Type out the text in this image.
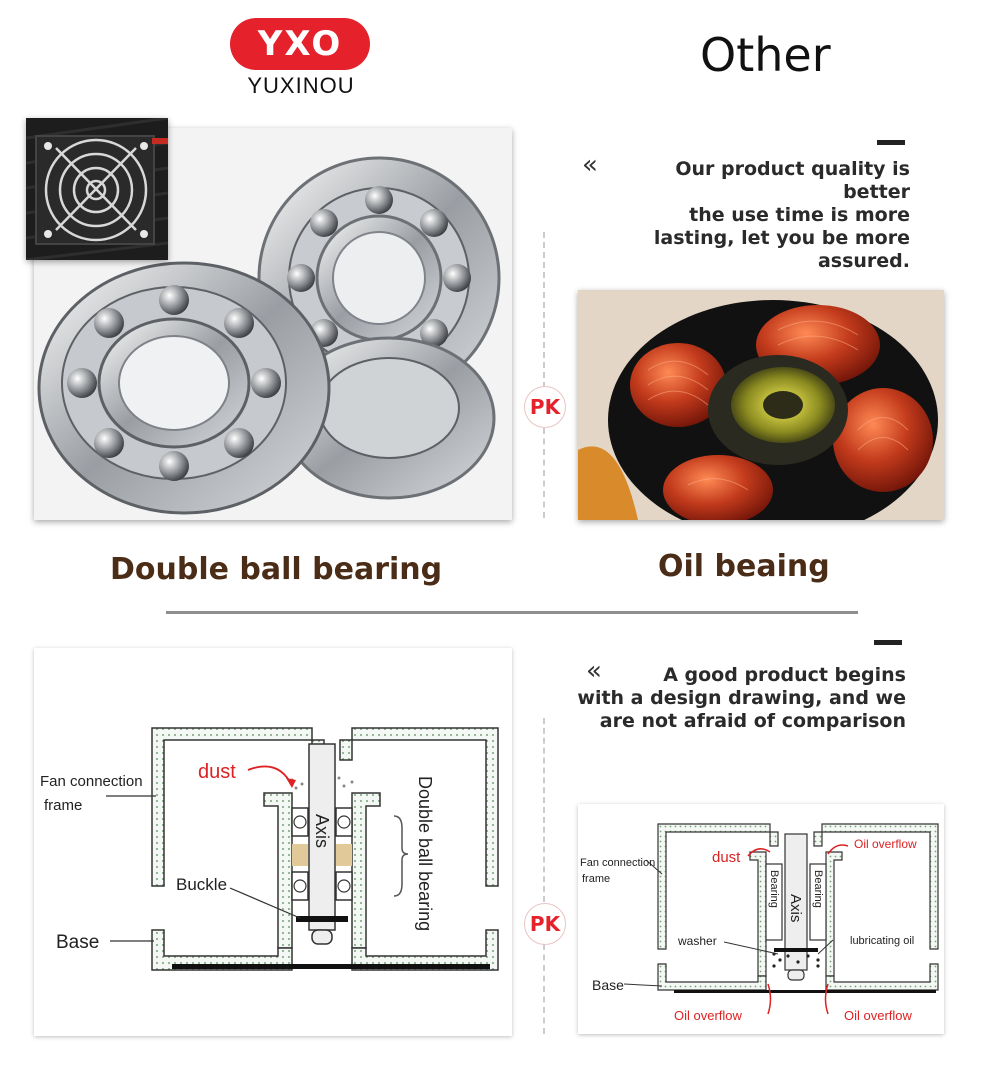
YXO
YUXINOU
Other
«	Our product quality is better
the use time is more
lasting, let you be more
assured.
PK
Double ball bearing	Oil beaing
«	A good product begins
with a design drawing, and we
are not afraid of comparison
PK
dust
Fan connection
frame
Buckle
Base
Axis	Double ball bearing	dust
Oil overflow
Fan connection
frame	Bearing	Bearing
Axis
washer	lubricating oil
Base
Oil overflow	Oil overflow
